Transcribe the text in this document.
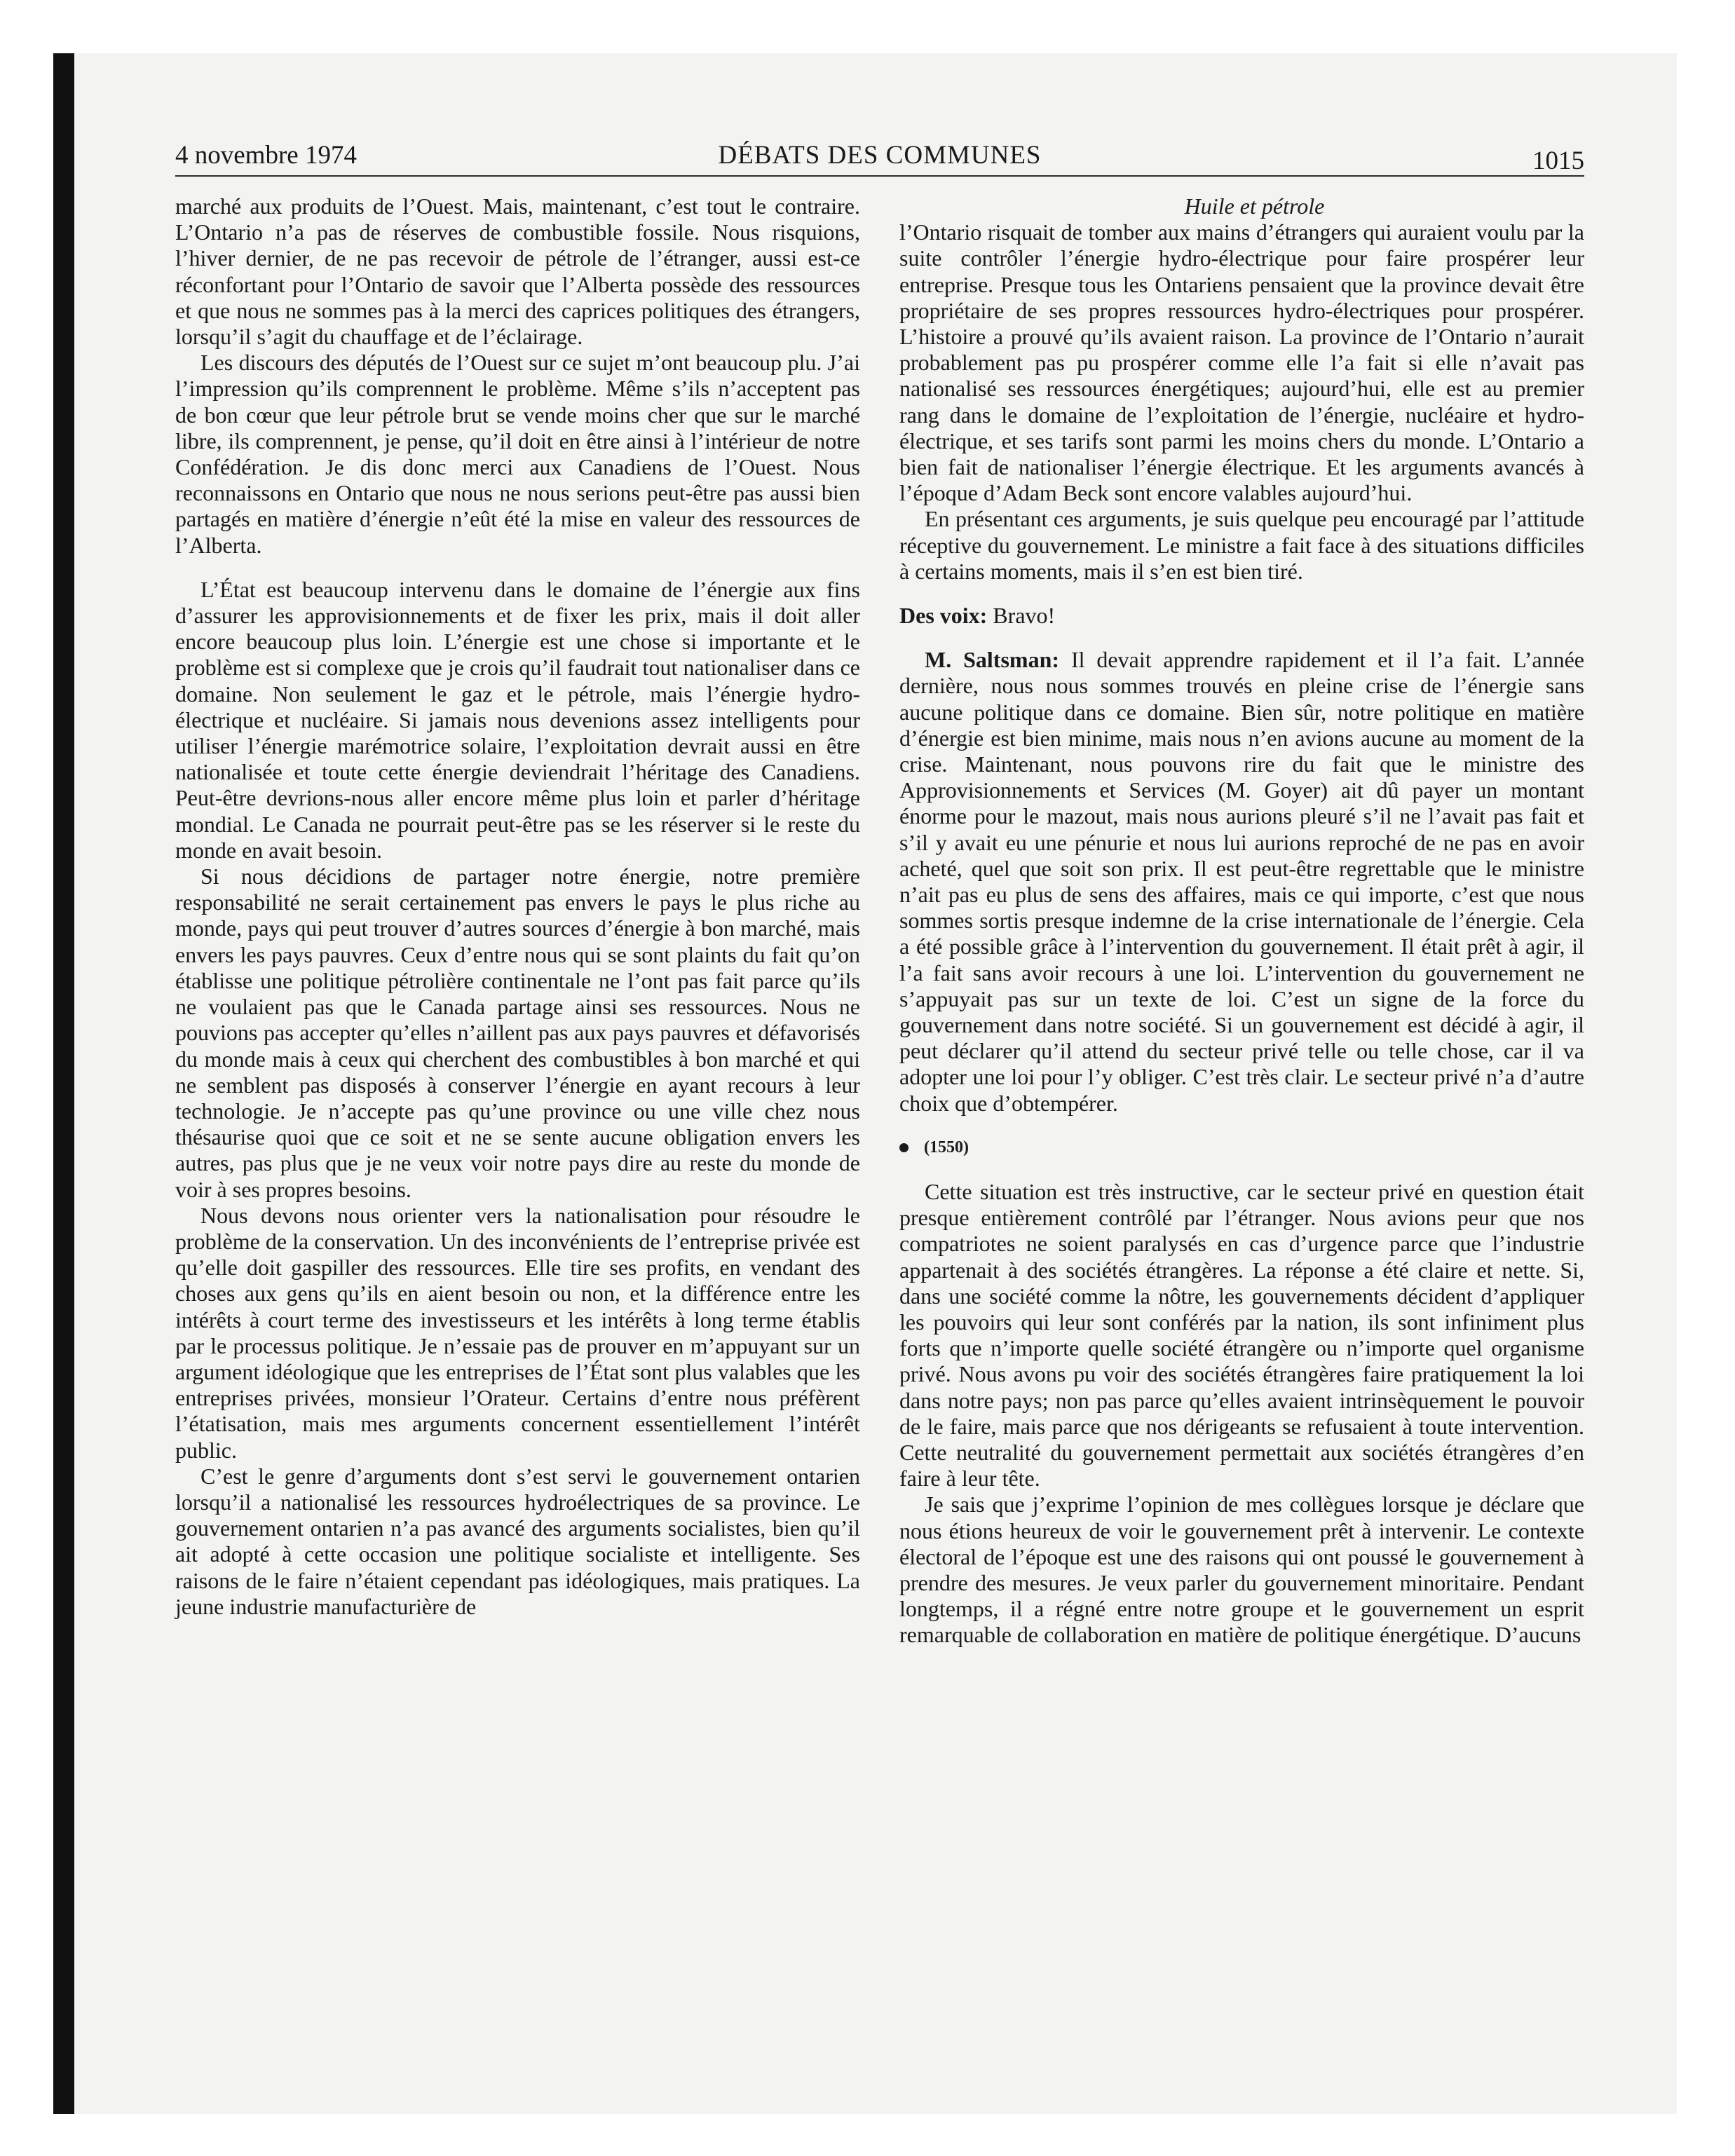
4 novembre 1974	DÉBATS DES COMMUNES	1015

marché aux produits de l’Ouest. Mais, maintenant, c’est tout le contraire. L’Ontario n’a pas de réserves de combustible fossile. Nous risquions, l’hiver dernier, de ne pas recevoir de pétrole de l’étranger, aussi est-ce réconfortant pour l’Ontario de savoir que l’Alberta possède des ressources et que nous ne sommes pas à la merci des caprices politiques des étrangers, lorsqu’il s’agit du chauffage et de l’éclairage.

Les discours des députés de l’Ouest sur ce sujet m’ont beaucoup plu. J’ai l’impression qu’ils comprennent le problème. Même s’ils n’acceptent pas de bon cœur que leur pétrole brut se vende moins cher que sur le marché libre, ils comprennent, je pense, qu’il doit en être ainsi à l’intérieur de notre Confédération. Je dis donc merci aux Canadiens de l’Ouest. Nous reconnaissons en Ontario que nous ne nous serions peut-être pas aussi bien partagés en matière d’énergie n’eût été la mise en valeur des ressources de l’Alberta.

L’État est beaucoup intervenu dans le domaine de l’énergie aux fins d’assurer les approvisionnements et de fixer les prix, mais il doit aller encore beaucoup plus loin. L’énergie est une chose si importante et le problème est si complexe que je crois qu’il faudrait tout nationaliser dans ce domaine. Non seulement le gaz et le pétrole, mais l’énergie hydro-électrique et nucléaire. Si jamais nous devenions assez intelligents pour utiliser l’énergie marémotrice solaire, l’exploitation devrait aussi en être nationalisée et toute cette énergie deviendrait l’héritage des Canadiens. Peut-être devrions-nous aller encore même plus loin et parler d’héritage mondial. Le Canada ne pourrait peut-être pas se les réserver si le reste du monde en avait besoin.

Si nous décidions de partager notre énergie, notre première responsabilité ne serait certainement pas envers le pays le plus riche au monde, pays qui peut trouver d’autres sources d’énergie à bon marché, mais envers les pays pauvres. Ceux d’entre nous qui se sont plaints du fait qu’on établisse une politique pétrolière continentale ne l’ont pas fait parce qu’ils ne voulaient pas que le Canada partage ainsi ses ressources. Nous ne pouvions pas accepter qu’elles n’aillent pas aux pays pauvres et défavorisés du monde mais à ceux qui cherchent des combustibles à bon marché et qui ne semblent pas disposés à conserver l’énergie en ayant recours à leur technologie. Je n’accepte pas qu’une province ou une ville chez nous thésaurise quoi que ce soit et ne se sente aucune obligation envers les autres, pas plus que je ne veux voir notre pays dire au reste du monde de voir à ses propres besoins.

Nous devons nous orienter vers la nationalisation pour résoudre le problème de la conservation. Un des inconvénients de l’entreprise privée est qu’elle doit gaspiller des ressources. Elle tire ses profits, en vendant des choses aux gens qu’ils en aient besoin ou non, et la différence entre les intérêts à court terme des investisseurs et les intérêts à long terme établis par le processus politique. Je n’essaie pas de prouver en m’appuyant sur un argument idéologique que les entreprises de l’État sont plus valables que les entreprises privées, monsieur l’Orateur. Certains d’entre nous préfèrent l’étatisation, mais mes arguments concernent essentiellement l’intérêt public.

C’est le genre d’arguments dont s’est servi le gouvernement ontarien lorsqu’il a nationalisé les ressources hydroélectriques de sa province. Le gouvernement ontarien n’a pas avancé des arguments socialistes, bien qu’il ait adopté à cette occasion une politique socialiste et intelligente. Ses raisons de le faire n’étaient cependant pas idéologiques, mais pratiques. La jeune industrie manufacturière de

Huile et pétrole

l’Ontario risquait de tomber aux mains d’étrangers qui auraient voulu par la suite contrôler l’énergie hydro-électrique pour faire prospérer leur entreprise. Presque tous les Ontariens pensaient que la province devait être propriétaire de ses propres ressources hydro-électriques pour prospérer. L’histoire a prouvé qu’ils avaient raison. La province de l’Ontario n’aurait probablement pas pu prospérer comme elle l’a fait si elle n’avait pas nationalisé ses ressources énergétiques; aujourd’hui, elle est au premier rang dans le domaine de l’exploitation de l’énergie, nucléaire et hydro-électrique, et ses tarifs sont parmi les moins chers du monde. L’Ontario a bien fait de nationaliser l’énergie électrique. Et les arguments avancés à l’époque d’Adam Beck sont encore valables aujourd’hui.

En présentant ces arguments, je suis quelque peu encouragé par l’attitude réceptive du gouvernement. Le ministre a fait face à des situations difficiles à certains moments, mais il s’en est bien tiré.

Des voix: Bravo!

M. Saltsman: Il devait apprendre rapidement et il l’a fait. L’année dernière, nous nous sommes trouvés en pleine crise de l’énergie sans aucune politique dans ce domaine. Bien sûr, notre politique en matière d’énergie est bien minime, mais nous n’en avions aucune au moment de la crise. Maintenant, nous pouvons rire du fait que le ministre des Approvisionnements et Services (M. Goyer) ait dû payer un montant énorme pour le mazout, mais nous aurions pleuré s’il ne l’avait pas fait et s’il y avait eu une pénurie et nous lui aurions reproché de ne pas en avoir acheté, quel que soit son prix. Il est peut-être regrettable que le ministre n’ait pas eu plus de sens des affaires, mais ce qui importe, c’est que nous sommes sortis presque indemne de la crise internationale de l’énergie. Cela a été possible grâce à l’intervention du gouvernement. Il était prêt à agir, il l’a fait sans avoir recours à une loi. L’intervention du gouvernement ne s’appuyait pas sur un texte de loi. C’est un signe de la force du gouvernement dans notre société. Si un gouvernement est décidé à agir, il peut déclarer qu’il attend du secteur privé telle ou telle chose, car il va adopter une loi pour l’y obliger. C’est très clair. Le secteur privé n’a d’autre choix que d’obtempérer.

(1550)

Cette situation est très instructive, car le secteur privé en question était presque entièrement contrôlé par l’étranger. Nous avions peur que nos compatriotes ne soient paralysés en cas d’urgence parce que l’industrie appartenait à des sociétés étrangères. La réponse a été claire et nette. Si, dans une société comme la nôtre, les gouvernements décident d’appliquer les pouvoirs qui leur sont conférés par la nation, ils sont infiniment plus forts que n’importe quelle société étrangère ou n’importe quel organisme privé. Nous avons pu voir des sociétés étrangères faire pratiquement la loi dans notre pays; non pas parce qu’elles avaient intrinsèquement le pouvoir de le faire, mais parce que nos dérigeants se refusaient à toute intervention. Cette neutralité du gouvernement permettait aux sociétés étrangères d’en faire à leur tête.

Je sais que j’exprime l’opinion de mes collègues lorsque je déclare que nous étions heureux de voir le gouvernement prêt à intervenir. Le contexte électoral de l’époque est une des raisons qui ont poussé le gouvernement à prendre des mesures. Je veux parler du gouvernement minoritaire. Pendant longtemps, il a régné entre notre groupe et le gouvernement un esprit remarquable de collaboration en matière de politique énergétique. D’aucuns
